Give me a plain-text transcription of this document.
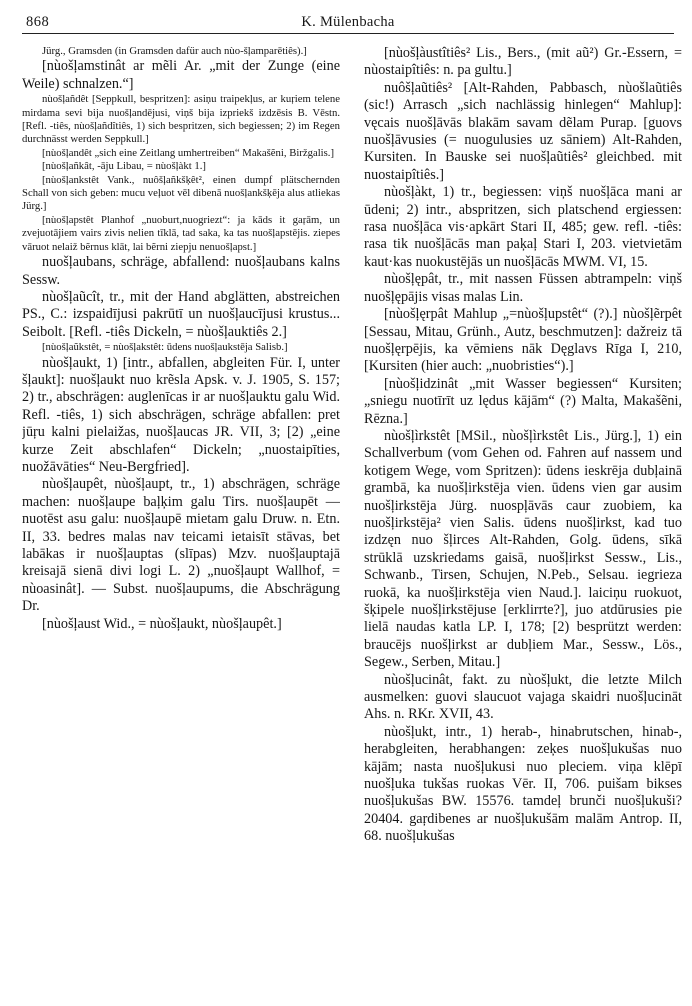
868	K. Mülenbacha

Jürg., Gramsden (in Gramsden dafür auch nùo-šļamparētiês).]

[nùošļamstinât ar mẽli Ar. „mit der Zunge (eine Weile) schnalzen.“]

nùošļañdêt [Seppkull, bespritzen]: asiņu traipekļus, ar kuŗiem telene mirdama sevi bija nuošļandējusi, viņš bija izpriekš izdzēsis B. Vēstn. [Refl. -tiês, nùošļañdîtiês, 1) sich bespritzen, sich begiessen; 2) im Regen durchnässt werden Seppkull.]

[nùošļandêt „sich eine Zeitlang umhertreiben“ Makašẽni, Biržgalis.]

[nùošļañkât, -āju Libau, = nùošļàkt 1.]

[nùošļankstêt Vank., nuôšļañkšķêt², einen dumpf plätschernden Schall von sich geben: mucu veļuot vēl dibenā nuošļankšķēja alus atliekas Jürg.]

[nùošļapstêt Planhof „nuoburt,nuogriezt“: ja kāds it gaŗām, un zvejuotājiem vairs zivis nelien tīklā, tad saka, ka tas nuošļapstējis. ziepes vāruot nelaiž bẽrnus klāt, lai bẽrni ziepju nenuošļapst.]

nuošļaubans, schräge, abfallend: nuošļaubans kalns Sessw.

nùošļaũcît, tr., mit der Hand abglätten, abstreichen PS., C.: izspaidījusi pakrūtī un nuošļaucījusi krustus... Seibolt. [Refl. -tiês Dickeln, = nùošļauktiês 2.]

[nùošļaũkstêt, = nùošļakstêt: ūdens nuošļaukstēja Salisb.]

nùošļaukt, 1) [intr., abfallen, abgleiten Für. I, unter šļaukt]: nuošļaukt nuo krẽsla Apsk. v. J. 1905, S. 157; 2) tr., abschrägen: auglenīcas ir ar nuošļauktu galu Wid. Refl. -tiês, 1) sich abschrägen, schräge abfallen: pret jūŗu kalni pielaižas, nuošļaucas JR. VII, 3; [2) „eine kurze Zeit abschlafen“ Dickeln; „nuostaipīties, nuožāvāties“ Neu-Bergfried].

nùošļaupêt, nùošļaupt, tr., 1) abschrägen, schräge machen: nuošļaupe baļķim galu Tirs. nuošļaupēt — nuotēst asu galu: nuošļaupē mietam galu Druw. n. Etn. II, 33. bedres malas nav teicami ietaisīt stāvas, bet labākas ir nuošļauptas (slīpas) Mzv. nuošļauptajā kreisajā sienā divi logi L. 2) „nuošļaupt Wallhof, = nùoasinât]. — Subst. nuošļaupums, die Abschrägung Dr.

[nùošļaust Wid., = nùošļaukt, nùošļaupêt.]

[nùošļàustîtiês² Lis., Bers., (mit aũ²) Gr.-Essern, = nùostaipîtiês: n. pa gultu.]

nuôšļaũtiês² [Alt-Rahden, Pabbasch, nùošlaũtiês (sic!) Arrasch „sich nachlässig hinlegen“ Mahlup]: vęcais nuošļāvās blakām savam dẽlam Purap. [guovs nuošļāvusies (= nuogulusies uz sāniem) Alt-Rahden, Kursiten. In Bauske sei nuošļaũtiês² gleichbed. mit nuostaipîtiês.]

nùošļàkt, 1) tr., begiessen: viņš nuošļāca mani ar ūdeni; 2) intr., abspritzen, sich platschend ergiessen: rasa nuošļāca vis·apkārt Stari II, 485; gew. refl. -tiês: rasa tik nuošļācās man paķaļ Stari I, 203. vietvietām kaut·kas nuokustējās un nuošļācās MWM. VI, 15.

nùošļępât, tr., mit nassen Füssen abtrampeln: viņš nuošļępājis visas malas Lin.

[nùošļęrpât Mahlup „=nùošļupstêt“ (?).] nùošļẽrpêt [Sessau, Mitau, Grünh., Autz, beschmutzen]: dažreiz tā nuošļęrpējis, ka vēmiens nāk Dęglavs Rīga I, 210, [Kursiten (hier auch: „nuobristies“).]

[nùošļidzinât „mit Wasser begiessen“ Kursiten; „sniegu nuotīrīt uz lędus kājām“ (?) Malta, Makašẽni, Rēzna.]

nùošļìrkstêt [MSil., nùošļìrkstêt Lis., Jürg.], 1) ein Schallverbum (vom Gehen od. Fahren auf nassem und kotigem Wege, vom Spritzen): ūdens ieskrēja dubļainā grambā, ka nuošļirkstēja vien. ūdens vien gar ausim nuošļirkstēja Jürg. nuospļāvās caur zuobiem, ka nuošļirkstēja² vien Salis. ūdens nuošļirkst, kad tuo izdzęn nuo šļirces Alt-Rahden, Golg. ūdens, sīkā strūklā uzskriedams gaisā, nuošļirkst Sessw., Lis., Schwanb., Tirsen, Schujen, N.Peb., Selsau. iegrieza ruokā, ka nuošļirkstēja vien Naud.]. laiciņu ruokuot, šķipele nuošļirkstējuse [erklirrte?], juo atdūrusies pie lielā naudas katla LP. I, 178; [2) besprützt werden: braucējs nuošļirkst ar dubļiem Mar., Sessw., Lös., Segew., Serben, Mitau.]

nùošļucinât, fakt. zu nùošļukt, die letzte Milch ausmelken: guovi slaucuot vajaga skaidri nuošļucināt Ahs. n. RKr. XVII, 43.

nùošļukt, intr., 1) herab-, hinabrutschen, hinab-, herabgleiten, herabhangen: zeķes nuošļukušas nuo kājām; nasta nuošļukusi nuo pleciem. viņa klēpī nuošļuka tukšas ruokas Vēr. II, 706. puišam bikses nuošļukušas BW. 15576. tamdeļ brunči nuošļukuši? 20404. gaŗdibenes ar nuošļukušām malām Antrop. II, 68. nuošļukušas
